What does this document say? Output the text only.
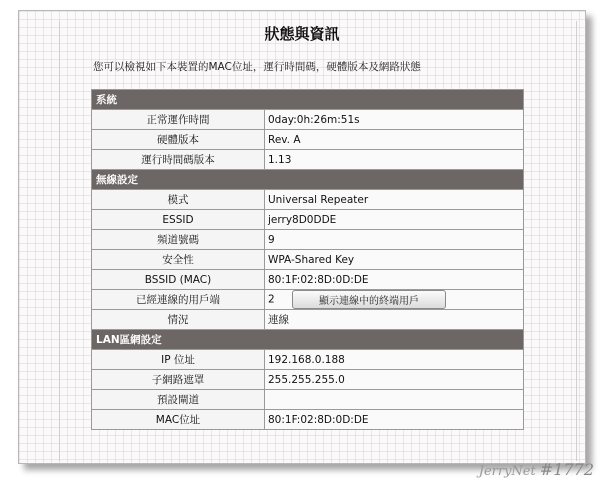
狀態與資訊
您可以檢視如下本裝置的MAC位址，運行時間碼，硬體版本及網路狀態
系統	
正常運作時間	0day:0h:26m:51s
硬體版本	Rev. A
運行時間碼版本	1.13
無線設定	
模式	Universal Repeater
ESSID	jerry8D0DDE
頻道號碼	9
安全性	WPA-Shared Key
BSSID (MAC)	80:1F:02:8D:0D:DE
已經連線的用戶端	2 顯示連線中的終端用戶
情況	連線
LAN區網設定	
IP 位址	192.168.0.188
子網路遮罩	255.255.255.0
預設閘道	
MAC位址	80:1F:02:8D:0D:DE
JerryNet #1772
